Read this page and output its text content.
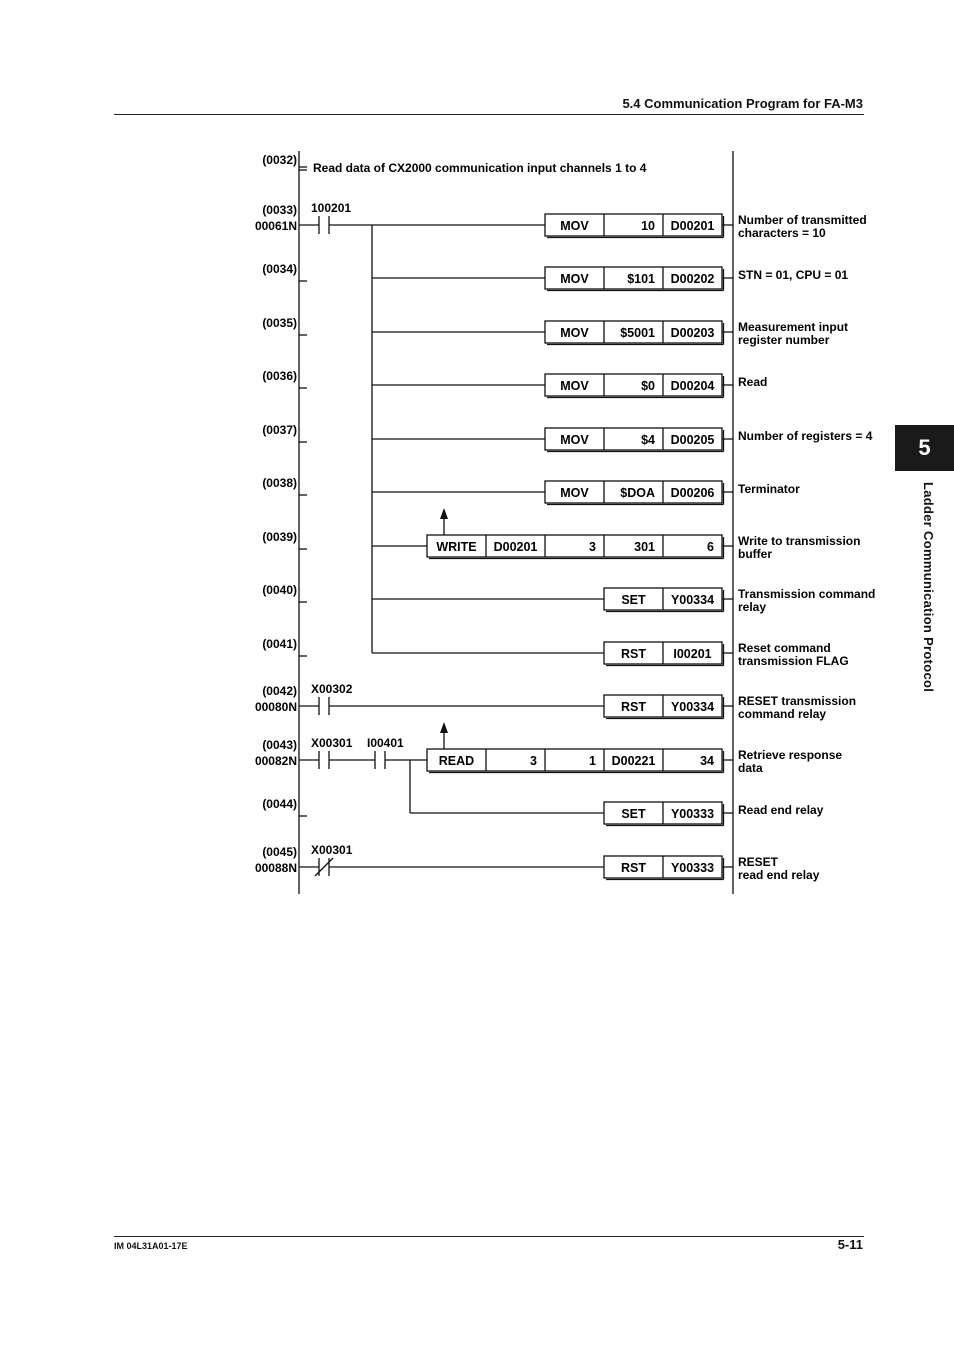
5.4 Communication Program for FA-M3
5
Ladder Communication Protocol
(0032)
Read data of CX2000 communication input channels 1 to 4
(0033)
00061N
100201
MOV	10 D00201 Number of transmitted
characters = 10
(0034)
MOV	$101 D00202 STN = 01, CPU = 01
(0035)
MOV	$5001 D00203 Measurement input
register number
(0036)
MOV	$0 D00204 Read
(0037)
MOV	$4 D00205 Number of registers = 4
(0038)
MOV	$DOA D00206 Terminator
(0039)
WRITE D00201	3	301	6 Write to transmission
buffer
(0040)
SET Y00334 Transmission command
relay
(0041)
RST I00201 Reset command
transmission FLAG
(0042)
00080N
X00302
RST Y00334 RESET transmission
command relay
(0043)
00082N
X00301 I00401
READ	3	1 D00221	34 Retrieve response
data
(0044)
SET Y00333 Read end relay
(0045)
00088N
X00301
RST Y00333 RESET
read end relay
IM 04L31A01-17E	5-11
